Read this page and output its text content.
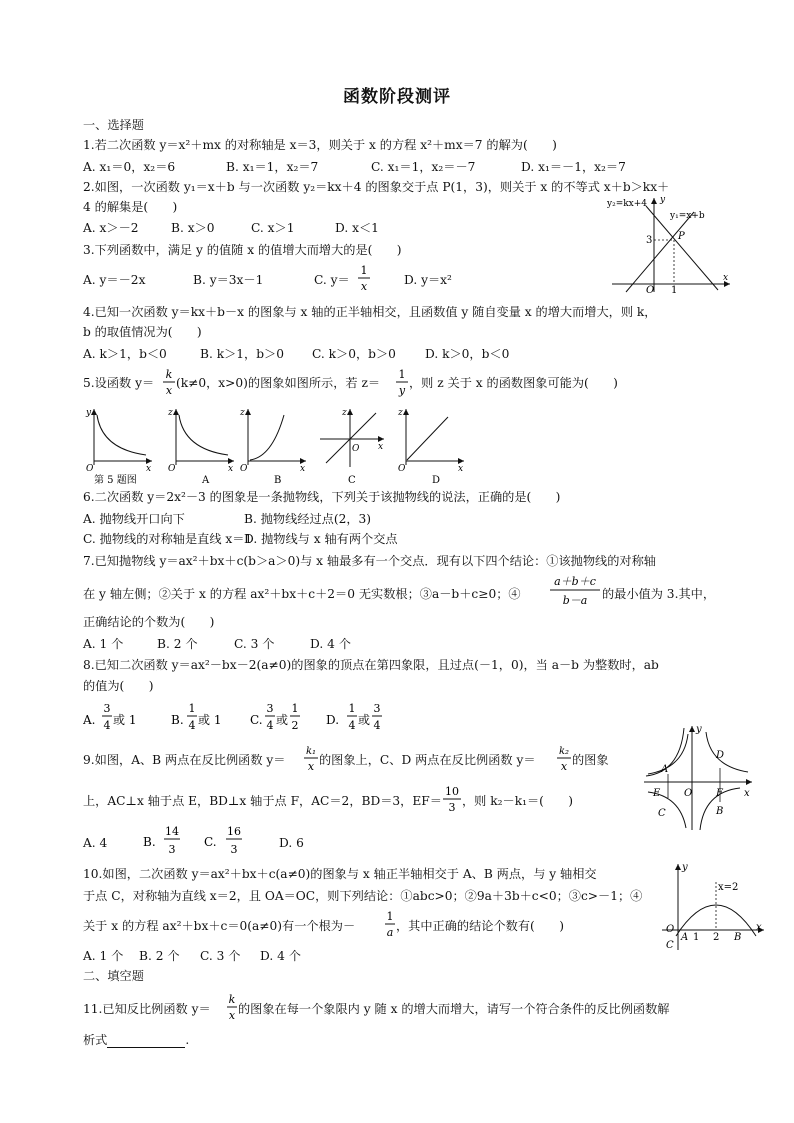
函数阶段测评
一、选择题
1.若二次函数 y＝x²＋mx 的对称轴是 x＝3，则关于 x 的方程 x²＋mx＝7 的解为(　　)
A. x₁＝0，x₂＝6	B. x₁＝1，x₂＝7	C. x₁＝1，x₂＝－7	D. x₁＝－1，x₂＝7
2.如图，一次函数 y₁＝x＋b 与一次函数 y₂＝kx＋4 的图象交于点 P(1，3)，则关于 x 的不等式 x＋b＞kx＋
4 的解集是(　　)
A. x＞－2	B. x＞0	C. x＞1	D. x＜1
y₂=kx+4
y₁=x+b
y
x
3	P
O 1
3.下列函数中，满足 y 的值随 x 的值增大而增大的是(　　)
A. y＝－2x	B. y＝3x－1	C. y＝
1
x	D. y＝x²
4.已知一次函数 y＝kx＋b－x 的图象与 x 轴的正半轴相交，且函数值 y 随自变量 x 的增大而增大，则 k，
b 的取值情况为(　　)
A. k＞1，b＜0	B. k＞1，b＞0 C. k＞0，b＞0 D. k＞0，b＜0
5.设函数 y＝
k
x
(k≠0，x>0)的图象如图所示，若 z＝
1
y
，则 z 关于 x 的函数图象可能为(　　)
y
x
O
第 5 题图
z
x
O
A
z
x
O
B
z
x
O
C
z
x
O
D
6.二次函数 y＝2x²－3 的图象是一条抛物线，下列关于该抛物线的说法，正确的是(　　)
A. 抛物线开口向下	B. 抛物线经过点(2，3)
C. 抛物线的对称轴是直线 x＝1
D. 抛物线与 x 轴有两个交点
7.已知抛物线 y＝ax²＋bx＋c(b＞a＞0)与 x 轴最多有一个交点．现有以下四个结论：①该抛物线的对称轴
在 y 轴左侧；②关于 x 的方程 ax²＋bx＋c＋2＝0 无实数根；③a－b＋c≥0；④
a＋b＋c
b－a 的最小值为 3.其中，
正确结论的个数为(　　)
A. 1 个	B. 2 个	C. 3 个	D. 4 个
8.已知二次函数 y＝ax²－bx－2(a≠0)的图象的顶点在第四象限，且过点(－1，0)，当 a－b 为整数时，ab
的值为(　　)
A.
3
4 或 1	B.
1
4 或 1 C.
3
4 或
1
2 D.
1
4 或
3
4
9.如图，A、B 两点在反比例函数 y＝
k₁
x 的图象上，C、D 两点在反比例函数 y＝
k₂
x 的图象
上，AC⊥x 轴于点 E，BD⊥x 轴于点 F，AC＝2，BD＝3，EF＝
10
3 ，则 k₂－k₁＝(　　)
A. 4	B.
14
3
C.
16
3	D. 6
y
x
O
A
B
C
D
E	F
10.如图，二次函数 y＝ax²＋bx＋c(a≠0)的图象与 x 轴正半轴相交于 A、B 两点，与 y 轴相交
于点 C，对称轴为直线 x＝2，且 OA＝OC，则下列结论：①abc>0；②9a＋3b＋c<0；③c>－1；④
关于 x 的方程 ax²＋bx＋c＝0(a≠0)有一个根为－
1
a ，其中正确的结论个数有(　　)
A. 1 个 B. 2 个 C. 3 个 D. 4 个
y
x
O
A 1 2 B
C
x=2
二、填空题
11.已知反比例函数 y＝
k
x 的图象在每一个象限内 y 随 x 的增大而增大，请写一个符合条件的反比例函数解
析式	.
